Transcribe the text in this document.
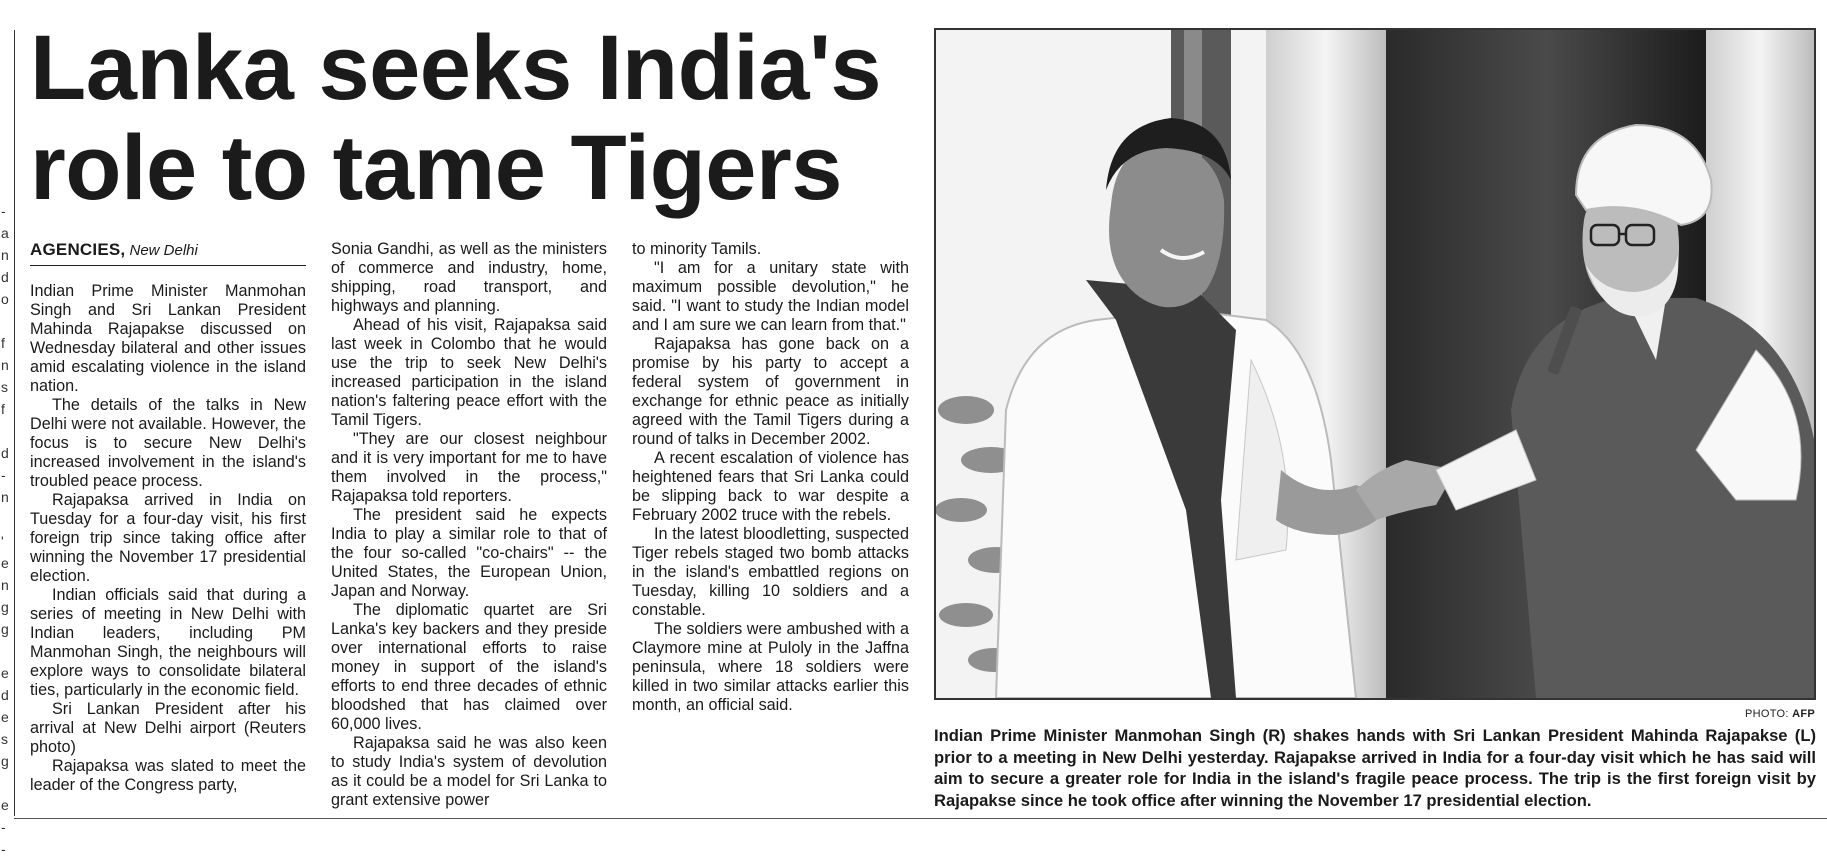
-
a
n
d
o
f
n
s
f
d
-
n
'
e
n
g
g
e
d
e
s
g
e
-
-
Lanka seeks India's
role to tame Tigers
AGENCIES, New Delhi

Indian Prime Minister Manmohan Singh and Sri Lankan President Mahinda Rajapakse discussed on Wednesday bilateral and other issues amid escalating violence in the island nation.

The details of the talks in New Delhi were not available. However, the focus is to secure New Delhi's increased involvement in the island's troubled peace process.

Rajapaksa arrived in India on Tuesday for a four-day visit, his first foreign trip since taking office after winning the November 17 presidential election.

Indian officials said that during a series of meeting in New Delhi with Indian leaders, including PM Manmohan Singh, the neighbours will explore ways to consolidate bilateral ties, particularly in the economic field.

Sri Lankan President after his arrival at New Delhi airport (Reuters photo)

Rajapaksa was slated to meet the leader of the Congress party,

Sonia Gandhi, as well as the ministers of commerce and industry, home, shipping, road transport, and highways and planning.

Ahead of his visit, Rajapaksa said last week in Colombo that he would use the trip to seek New Delhi's increased participation in the island nation's faltering peace effort with the Tamil Tigers.

"They are our closest neighbour and it is very important for me to have them involved in the process," Rajapaksa told reporters.

The president said he expects India to play a similar role to that of the four so-called "co-chairs" -- the United States, the European Union, Japan and Norway.

The diplomatic quartet are Sri Lanka's key backers and they preside over international efforts to raise money in support of the island's efforts to end three decades of ethnic bloodshed that has claimed over 60,000 lives.

Rajapaksa said he was also keen to study India's system of devolution as it could be a model for Sri Lanka to grant extensive power

to minority Tamils.

"I am for a unitary state with maximum possible devolution," he said. "I want to study the Indian model and I am sure we can learn from that."

Rajapaksa has gone back on a promise by his party to accept a federal system of government in exchange for ethnic peace as initially agreed with the Tamil Tigers during a round of talks in December 2002.

A recent escalation of violence has heightened fears that Sri Lanka could be slipping back to war despite a February 2002 truce with the rebels.

In the latest bloodletting, suspected Tiger rebels staged two bomb attacks in the island's embattled regions on Tuesday, killing 10 soldiers and a constable.

The soldiers were ambushed with a Claymore mine at Puloly in the Jaffna peninsula, where 18 soldiers were killed in two similar attacks earlier this month, an official said.	PHOTO: AFP

Indian Prime Minister Manmohan Singh (R) shakes hands with Sri Lankan President Mahinda Rajapakse (L) prior to a meeting in New Delhi yesterday. Rajapakse arrived in India for a four-day visit which he has said will aim to secure a greater role for India in the island's fragile peace process. The trip is the first foreign visit by Rajapakse since he took office after winning the November 17 presidential election.
